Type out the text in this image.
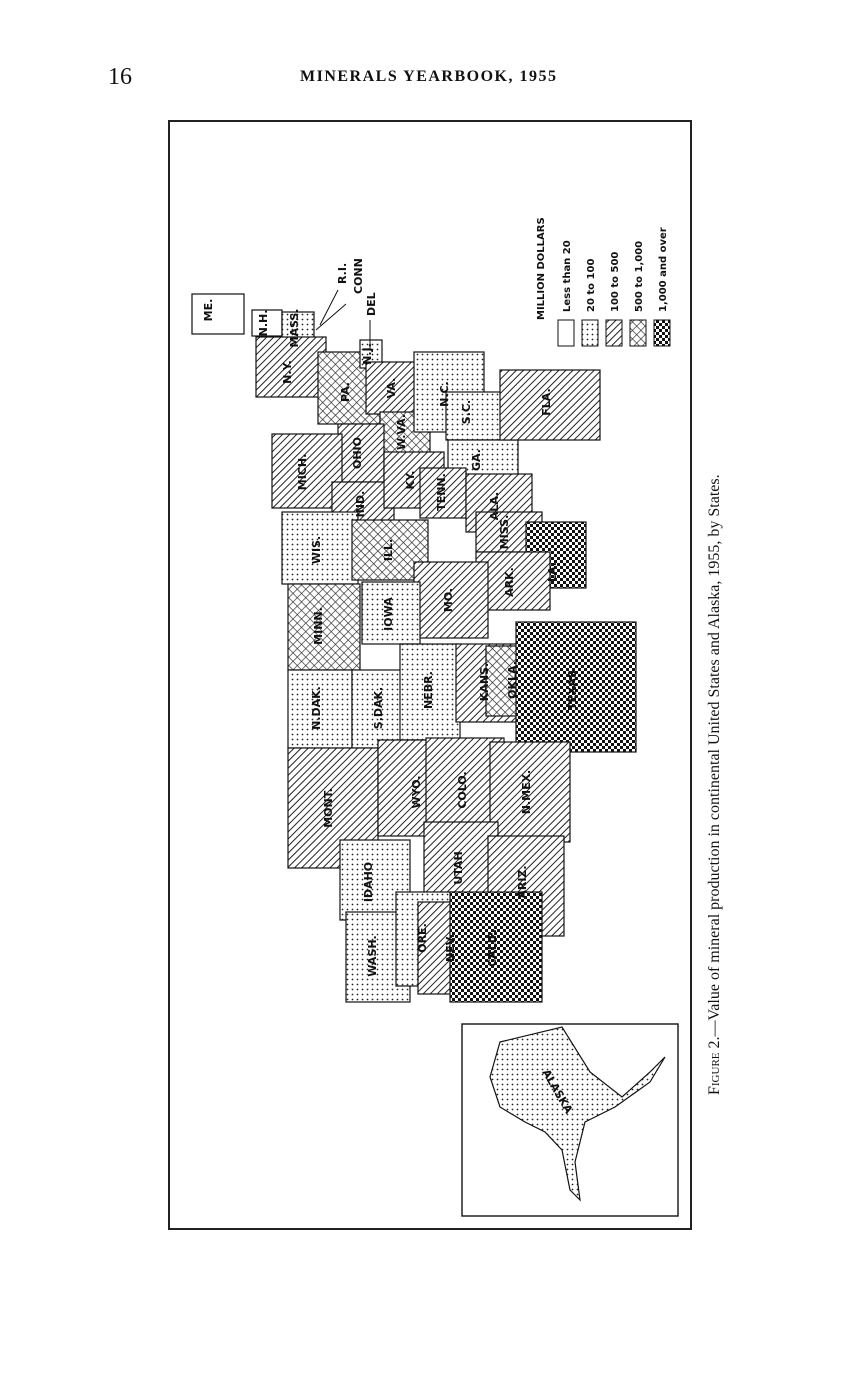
16	MINERALS YEARBOOK, 1955
ME.	N.H. MASS.
N.Y.
PA.
N.J.
VA.
W.VA.
N.C.
S.C.
GA.
FLA.
OHIO
MICH.
IND.
KY. TENN.	ALA.
MISS.
WIS.	ILL.
LA.
ARK.
MO.
IOWA
MINN.
N.DAK.	S.DAK.	NEBR.	KANS. OKLA.	TEXAS
MONT.	WYO.	COLO.	N.MEX.
IDAHO	UTAH	ARIZ.
WASH.	ORE. NEV.	CALIF.
R.I. CONN
DEL
ALASKA
MILLION DOLLARS Less than 20 20 to 100 100 to 500 500 to 1,000 1,000 and over
Figure 2.—Value of mineral production in continental United States and Alaska, 1955, by States.
